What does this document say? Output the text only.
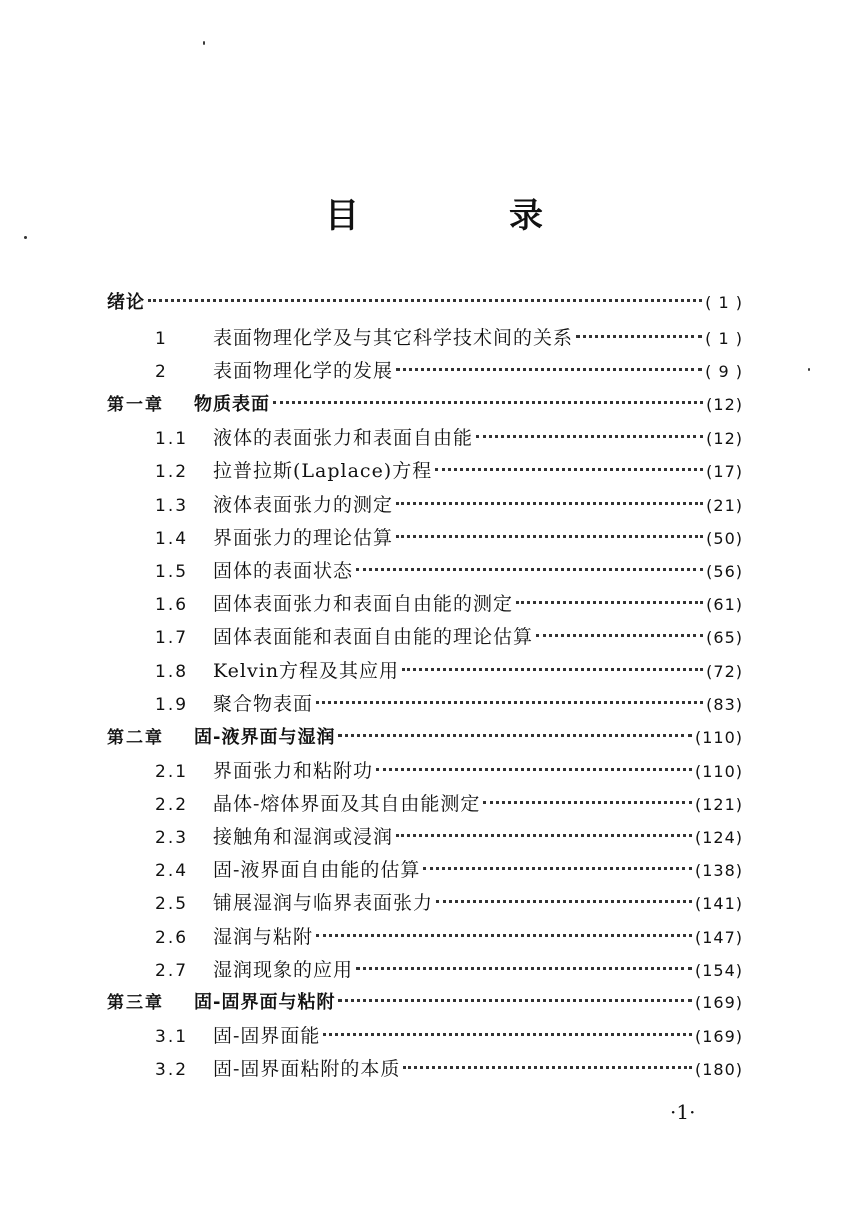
目　录
绪论	( 1 )
1	表面物理化学及与其它科学技术间的关系	( 1 )
2	表面物理化学的发展	( 9 )
第一章 物质表面	(12)
1.1	液体的表面张力和表面自由能	(12)
1.2	拉普拉斯(Laplace)方程	(17)
1.3	液体表面张力的测定	(21)
1.4	界面张力的理论估算	(50)
1.5	固体的表面状态	(56)
1.6	固体表面张力和表面自由能的测定	(61)
1.7	固体表面能和表面自由能的理论估算	(65)
1.8	Kelvin方程及其应用	(72)
1.9	聚合物表面	(83)
第二章 固-液界面与湿润	(110)
2.1	界面张力和粘附功	(110)
2.2	晶体-熔体界面及其自由能测定	(121)
2.3	接触角和湿润或浸润	(124)
2.4	固-液界面自由能的估算	(138)
2.5	铺展湿润与临界表面张力	(141)
2.6	湿润与粘附	(147)
2.7	湿润现象的应用	(154)
第三章 固-固界面与粘附	(169)
3.1	固-固界面能	(169)
3.2	固-固界面粘附的本质	(180)
·1·
